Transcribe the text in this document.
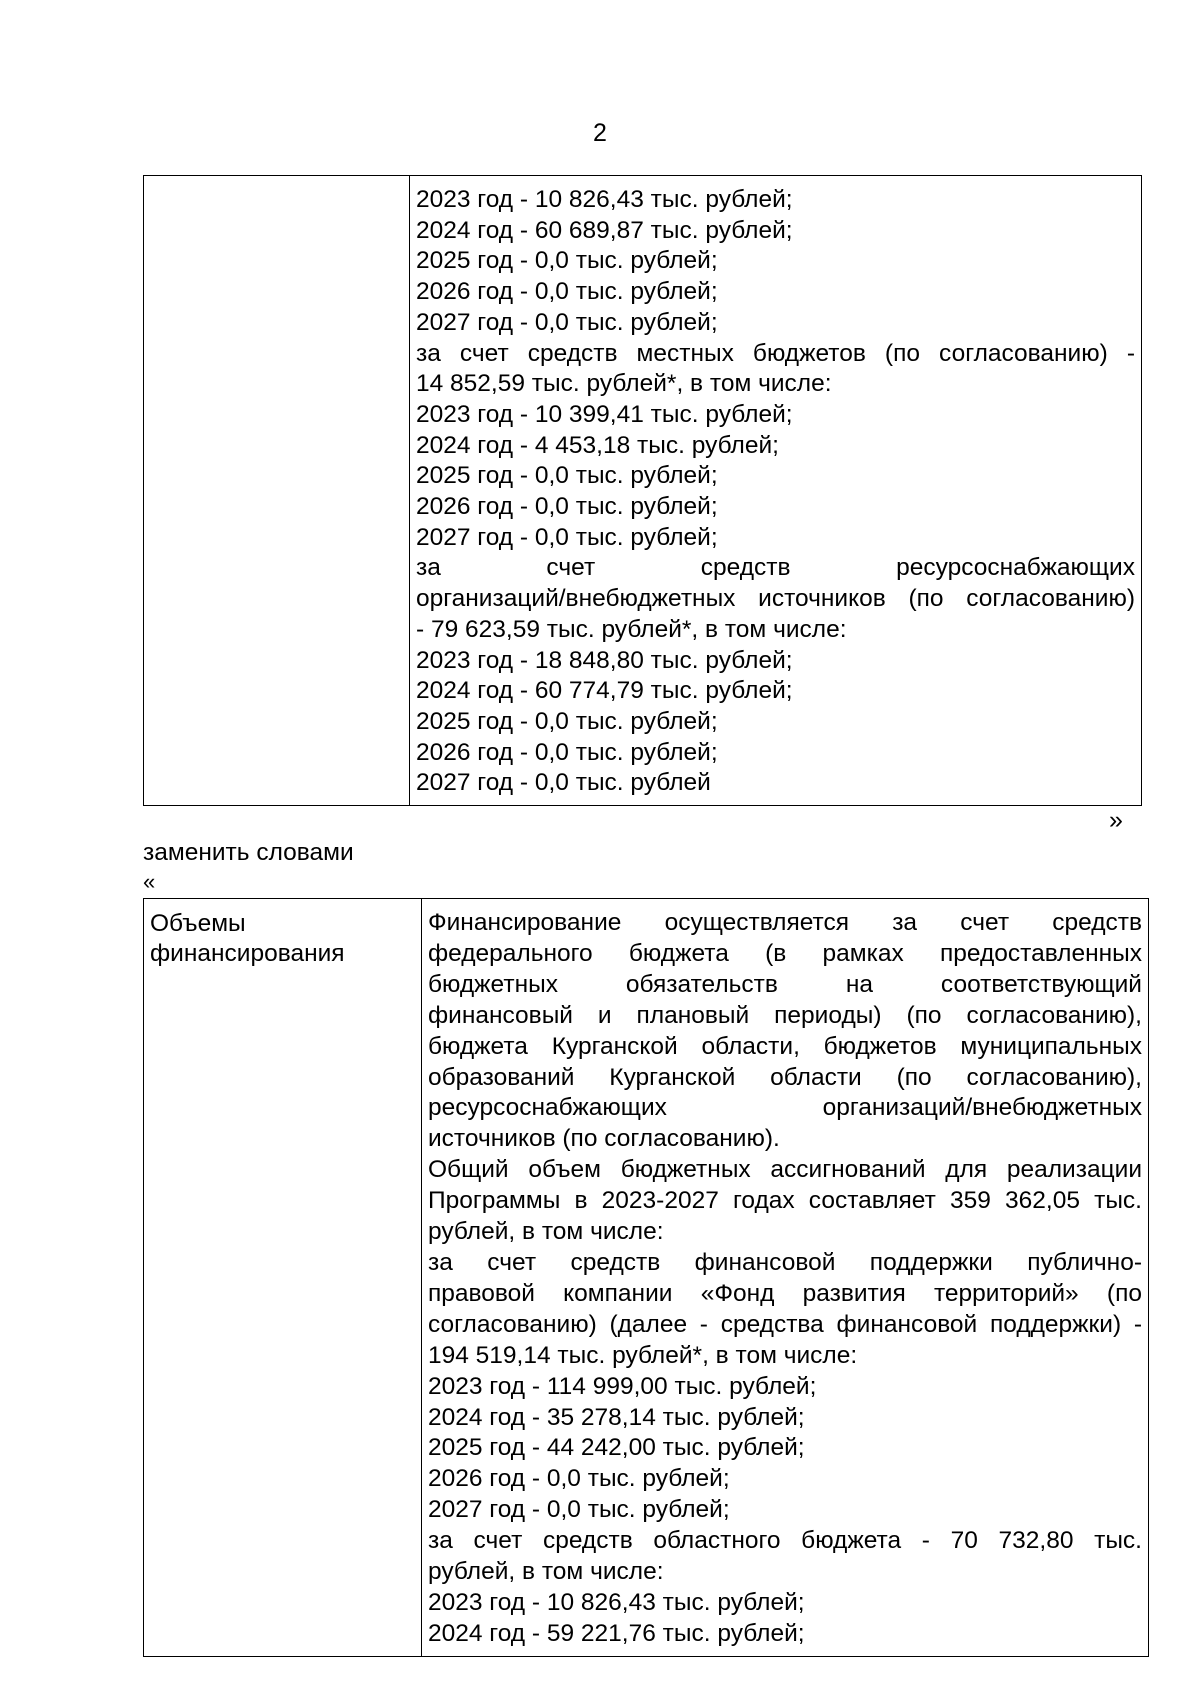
2

2023 год - 10 826,43 тыс. рублей;
2024 год - 60 689,87 тыс. рублей;
2025 год - 0,0 тыс. рублей;
2026 год - 0,0 тыс. рублей;
2027 год - 0,0 тыс. рублей;
за счет средств местных бюджетов (по согласованию) -
14 852,59 тыс. рублей*, в том числе:
2023 год - 10 399,41 тыс. рублей;
2024 год - 4 453,18 тыс. рублей;
2025 год - 0,0 тыс. рублей;
2026 год - 0,0 тыс. рублей;
2027 год - 0,0 тыс. рублей;
за счет средств ресурсоснабжающих
организаций/внебюджетных источников (по согласованию)
- 79 623,59 тыс. рублей*, в том числе:
2023 год - 18 848,80 тыс. рублей;
2024 год - 60 774,79 тыс. рублей;
2025 год - 0,0 тыс. рублей;
2026 год - 0,0 тыс. рублей;
2027 год - 0,0 тыс. рублей
»
заменить словами
«
Объемы финансирования	
Финансирование осуществляется за счет средств
федерального бюджета (в рамках предоставленных
бюджетных обязательств на соответствующий
финансовый и плановый периоды) (по согласованию),
бюджета Курганской области, бюджетов муниципальных
образований Курганской области (по согласованию),
ресурсоснабжающих организаций/внебюджетных
источников (по согласованию).
Общий объем бюджетных ассигнований для реализации
Программы в 2023-2027 годах составляет 359 362,05 тыс.
рублей, в том числе:
за счет средств финансовой поддержки публично-
правовой компании «Фонд развития территорий» (по
согласованию) (далее - средства финансовой поддержки) -
194 519,14 тыс. рублей*, в том числе:
2023 год - 114 999,00 тыс. рублей;
2024 год - 35 278,14 тыс. рублей;
2025 год - 44 242,00 тыс. рублей;
2026 год - 0,0 тыс. рублей;
2027 год - 0,0 тыс. рублей;
за счет средств областного бюджета - 70 732,80 тыс.
рублей, в том числе:
2023 год - 10 826,43 тыс. рублей;
2024 год - 59 221,76 тыс. рублей;
